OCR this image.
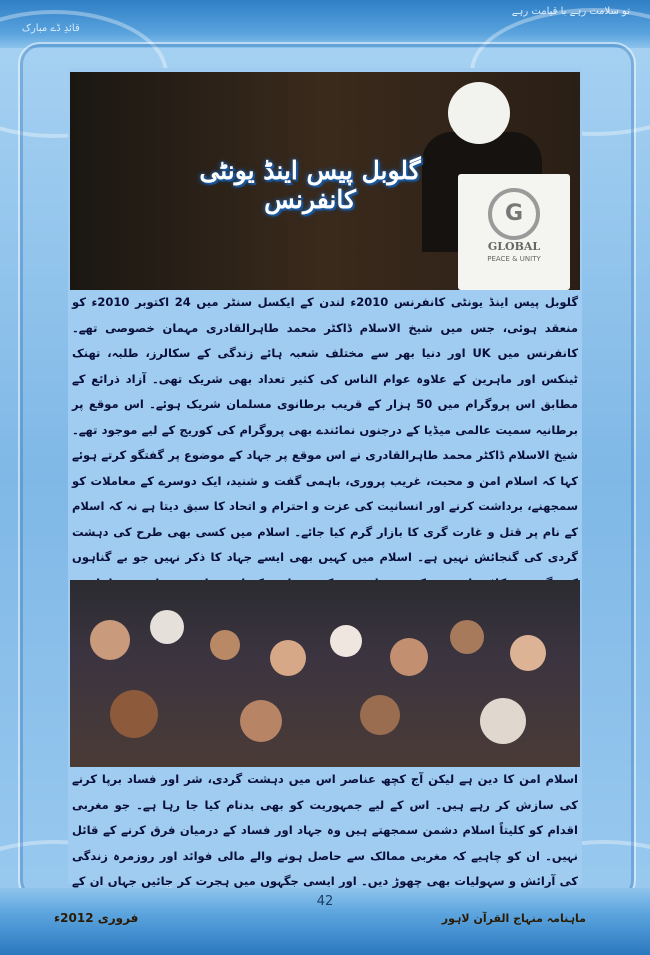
قائدِ ڈے مبارک
تو سلامت رہے با قیامت رہے
G
GLOBAL
PEACE & UNITY
گلوبل پیس اینڈ یونٹی کانفرنس
گلوبل پیس اینڈ یونٹی کانفرنس 2010ء لندن کے ایکسل سنٹر میں 24 اکتوبر 2010ء کو منعقد ہوئی، جس میں شیخ الاسلام ڈاکٹر محمد طاہرالقادری مہمان خصوصی تھے۔ کانفرنس میں UK اور دنیا بھر سے مختلف شعبہ ہائے زندگی کے سکالرز، طلبہ، تھنک ٹینکس اور ماہرین کے علاوہ عوام الناس کی کثیر تعداد بھی شریک تھی۔ آزاد ذرائع کے مطابق اس پروگرام میں 50 ہزار کے قریب برطانوی مسلمان شریک ہوئے۔ اس موقع پر برطانیہ سمیت عالمی میڈیا کے درجنوں نمائندے بھی پروگرام کی کوریج کے لیے موجود تھے۔ شیخ الاسلام ڈاکٹر محمد طاہرالقادری نے اس موقع پر جہاد کے موضوع پر گفتگو کرتے ہوئے کہا کہ اسلام امن و محبت، غریب پروری، باہمی گفت و شنید، ایک دوسرے کے معاملات کو سمجھنے، برداشت کرنے اور انسانیت کی عزت و احترام و اتحاد کا سبق دیتا ہے نہ کہ اسلام کے نام پر قتل و غارت گری کا بازار گرم کیا جائے۔ اسلام میں کسی بھی طرح کی دہشت گردی کی گنجائش نہیں ہے۔ اسلام میں کہیں بھی ایسے جہاد کا ذکر نہیں جو بے گناہوں
اسلام امن کا دین ہے لیکن آج کچھ عناصر اس میں دہشت گردی، شر اور فساد برپا کرنے کی سازش کر رہے ہیں۔ اس کے لیے جمہوریت کو بھی بدنام کیا جا رہا ہے۔ جو مغربی اقدام کو کلیتاً اسلام دشمن سمجھتے ہیں وہ جہاد اور فساد کے درمیان فرق کرنے کے قائل نہیں۔ ان کو چاہیے کہ مغربی ممالک سے حاصل ہونے والے مالی فوائد اور روزمرہ زندگی کی آرائش و سہولیات بھی چھوڑ دیں۔ اور ایسی جگہوں میں ہجرت کر جائیں جہاں ان کے
42
فروری 2012ء	ماہنامہ منہاج القرآن لاہور
